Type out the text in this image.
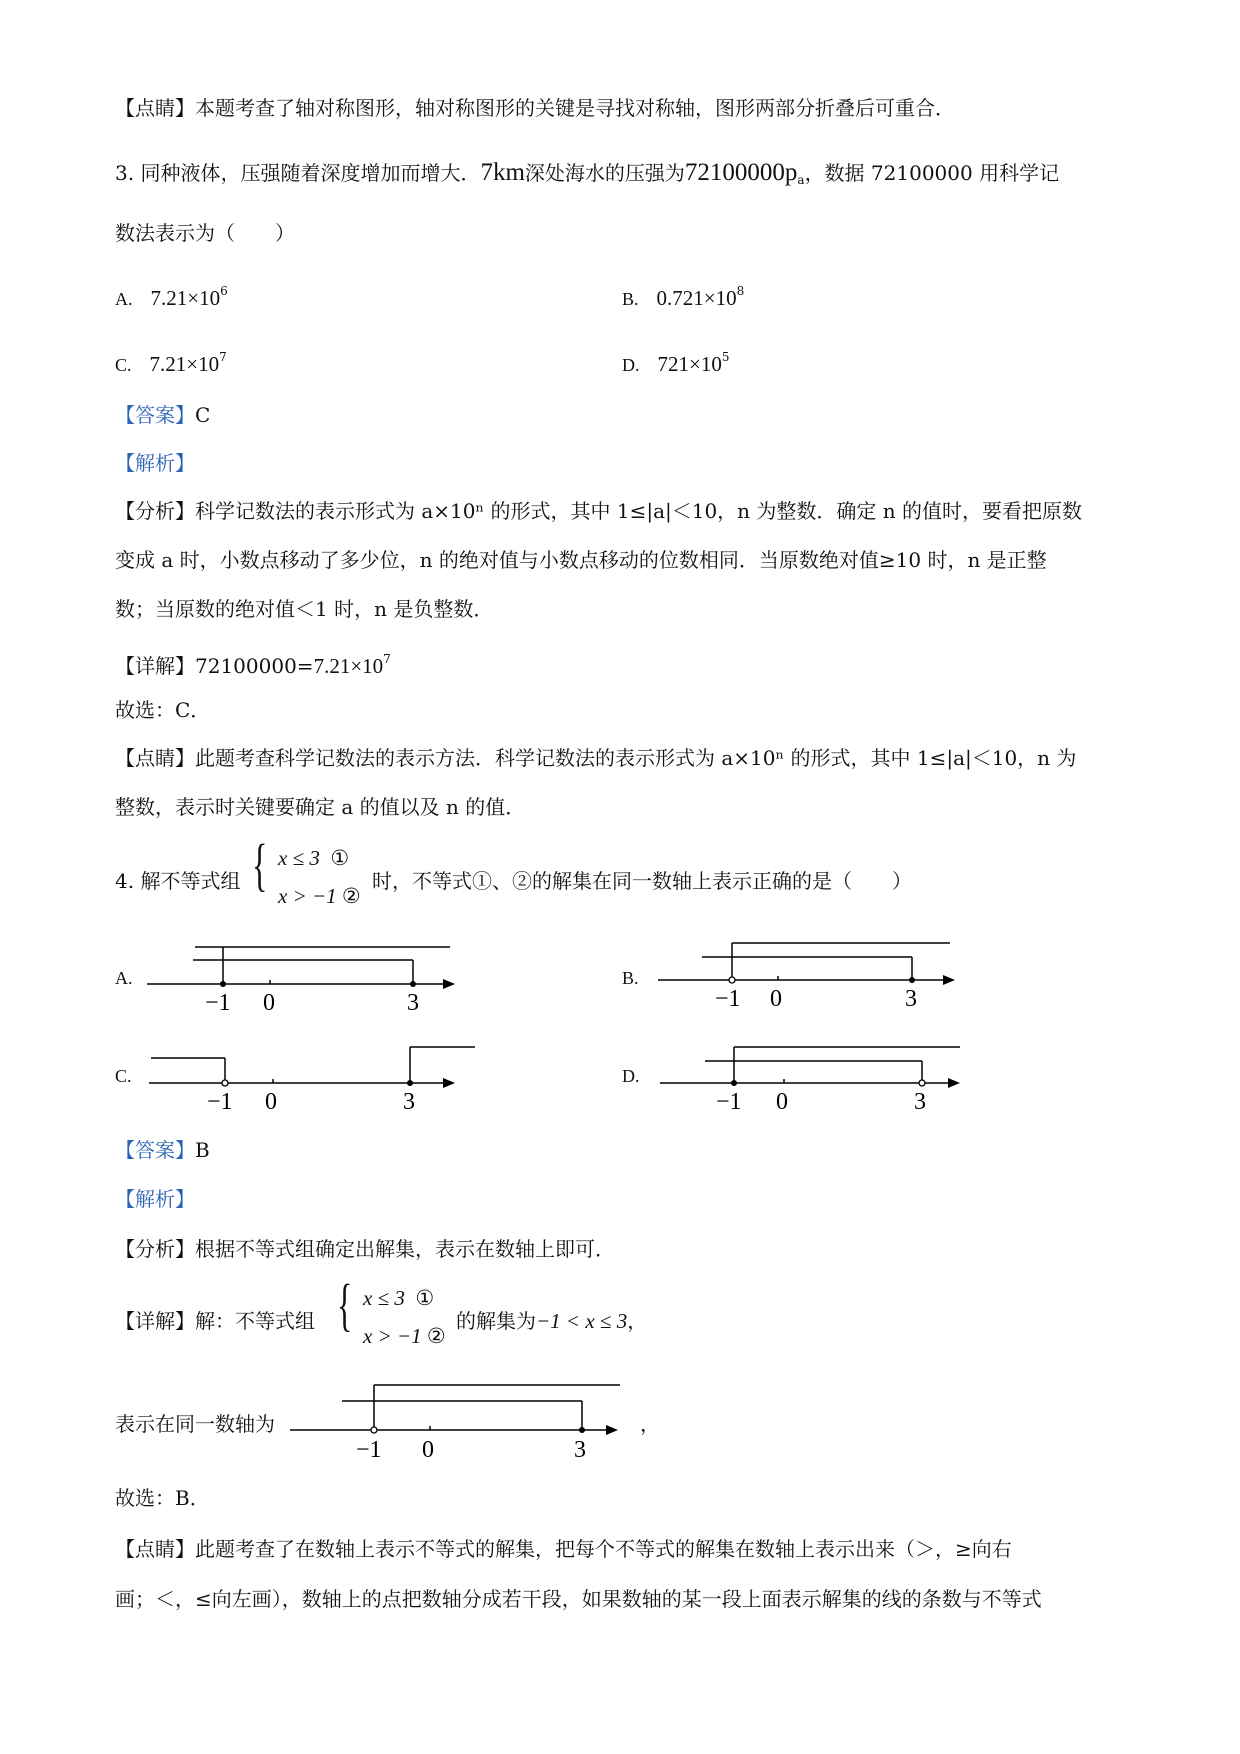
【点睛】本题考查了轴对称图形，轴对称图形的关键是寻找对称轴，图形两部分折叠后可重合．
3. 同种液体，压强随着深度增加而增大．7km深处海水的压强为$72100000p_a$，数据 72100000 用科学记
数法表示为（　　）
A. $7.21\times 10^6$	B. $0.721\times 10^8$
C. $7.21\times 10^7$	D. $721\times 10^5$
【答案】C
【解析】
【分析】科学记数法的表示形式为 a×10ⁿ 的形式，其中 1≤|a|＜10，n 为整数．确定 n 的值时，要看把原数
变成 a 时，小数点移动了多少位，n 的绝对值与小数点移动的位数相同．当原数绝对值≥10 时，n 是正整
数；当原数的绝对值＜1 时，n 是负整数．
【详解】$72100000=7.21\times 10^7$
故选：C．
【点睛】此题考查科学记数法的表示方法．科学记数法的表示形式为 a×10ⁿ 的形式，其中 1≤|a|＜10，n 为
整数，表示时关键要确定 a 的值以及 n 的值．
4. 解不等式组 { x ≤ 3 ①
x > −1 ②
时，不等式①、②的解集在同一数轴上表示正确的是（　　）
A.
−1 0	3
B.
−1 0	3
C.
−1 0	3
D.
−1 0	3
【答案】B
【解析】
【分析】根据不等式组确定出解集，表示在数轴上即可．
【详解】解：不等式组 { x ≤ 3 ①
x > −1 ②
的解集为−1 < x ≤ 3，
表示在同一数轴为
−1 0	3
，
故选：B．
【点睛】此题考查了在数轴上表示不等式的解集，把每个不等式的解集在数轴上表示出来（＞，≥向右
画；＜，≤向左画），数轴上的点把数轴分成若干段，如果数轴的某一段上面表示解集的线的条数与不等式
